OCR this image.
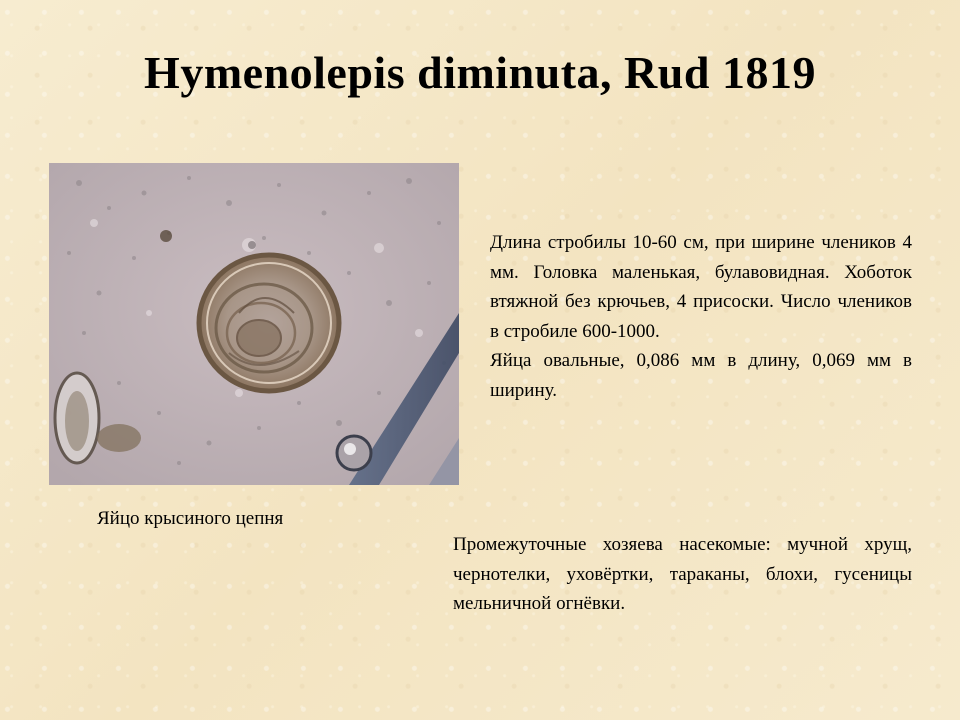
Hymenolepis diminuta, Rud 1819
Яйцо крысиного цепня

Длина стробилы 10-60 см, при ширине члеников 4 мм. Головка маленькая, булавовидная. Хоботок втяжной без крючьев, 4 присоски. Число члеников в стробиле 600-1000.

Яйца овальные, 0,086 мм в длину, 0,069 мм в ширину.

Промежуточные хозяева насекомые: мучной хрущ, чернотелки, уховёртки, тараканы, блохи, гусеницы мельничной огнёвки.
